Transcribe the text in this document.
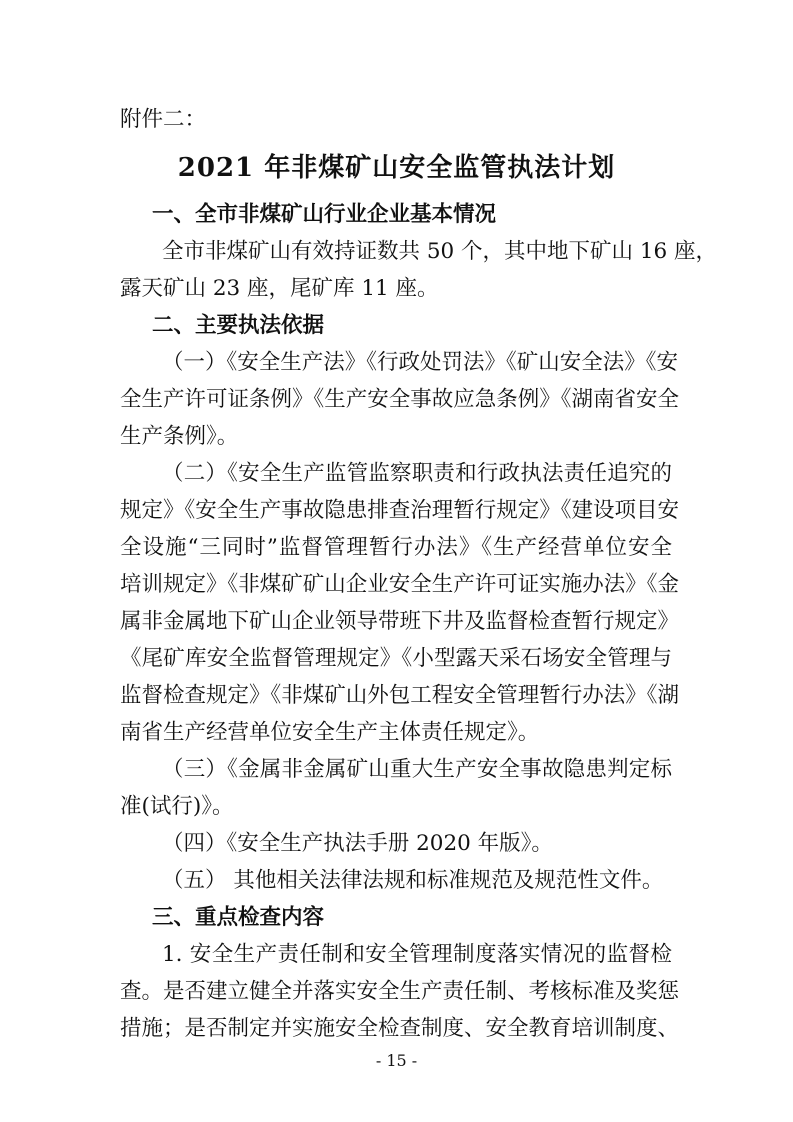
附件二：
2021 年非煤矿山安全监管执法计划
一、全市非煤矿山行业企业基本情况
全市非煤矿山有效持证数共 50 个，其中地下矿山 16 座，
露天矿山 23 座，尾矿库 11 座。
二、主要执法依据
（一）《安全生产法》《行政处罚法》《矿山安全法》《安
全生产许可证条例》《生产安全事故应急条例》《湖南省安全
生产条例》。
（二）《安全生产监管监察职责和行政执法责任追究的
规定》《安全生产事故隐患排查治理暂行规定》《建设项目安
全设施“三同时”监督管理暂行办法》《生产经营单位安全
培训规定》《非煤矿矿山企业安全生产许可证实施办法》《金
属非金属地下矿山企业领导带班下井及监督检查暂行规定》
《尾矿库安全监督管理规定》《小型露天采石场安全管理与
监督检查规定》《非煤矿山外包工程安全管理暂行办法》《湖
南省生产经营单位安全生产主体责任规定》。
（三）《金属非金属矿山重大生产安全事故隐患判定标
准(试行)》。
（四）《安全生产执法手册 2020 年版》。
（五） 其他相关法律法规和标准规范及规范性文件。
三、重点检查内容
1. 安全生产责任制和安全管理制度落实情况的监督检
查。是否建立健全并落实安全生产责任制、考核标准及奖惩
措施；是否制定并实施安全检查制度、安全教育培训制度、
- 15 -
